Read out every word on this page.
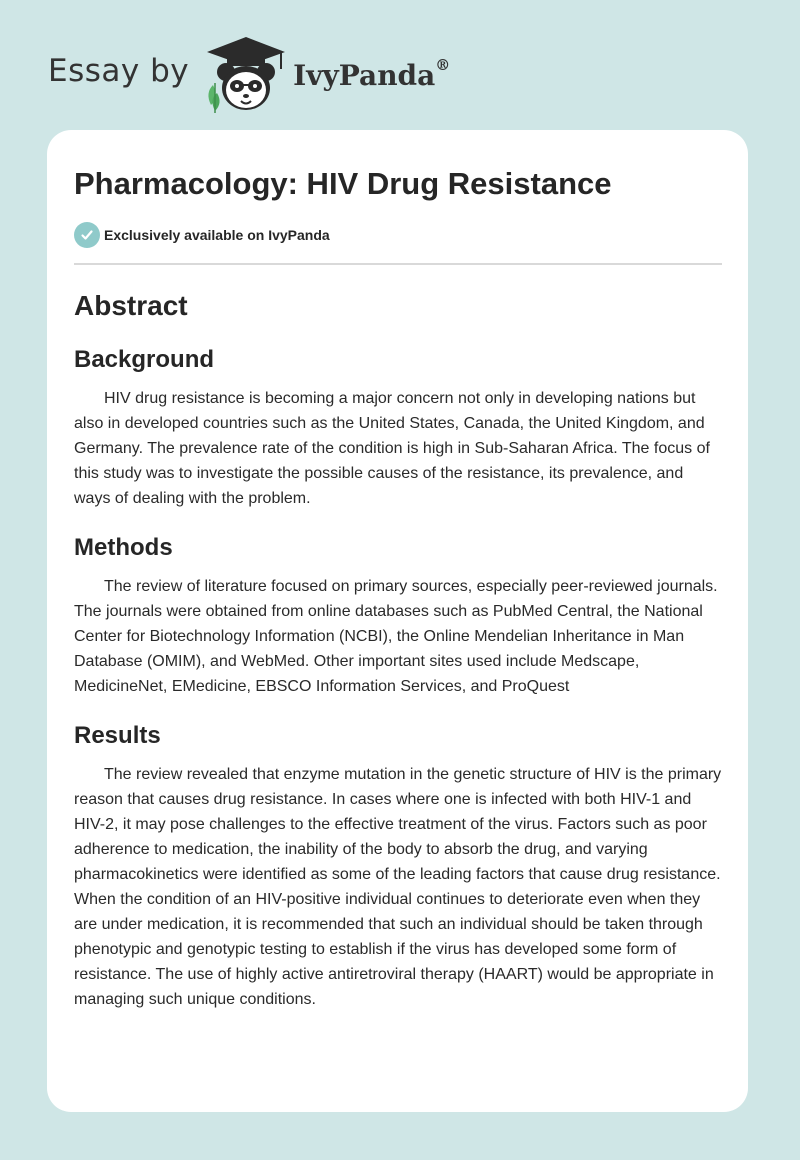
Essay by	IvyPanda®
Pharmacology: HIV Drug Resistance
Exclusively available on IvyPanda
Abstract
Background

HIV drug resistance is becoming a major concern not only in developing nations but also in developed countries such as the United States, Canada, the United Kingdom, and Germany. The prevalence rate of the condition is high in Sub-Saharan Africa. The focus of this study was to investigate the possible causes of the resistance, its prevalence, and ways of dealing with the problem.

Methods

The review of literature focused on primary sources, especially peer-reviewed journals. The journals were obtained from online databases such as PubMed Central, the National Center for Biotechnology Information (NCBI), the Online Mendelian Inheritance in Man Database (OMIM), and WebMed. Other important sites used include Medscape, MedicineNet, EMedicine, EBSCO Information Services, and ProQuest

Results

The review revealed that enzyme mutation in the genetic structure of HIV is the primary reason that causes drug resistance. In cases where one is infected with both HIV-1 and HIV-2, it may pose challenges to the effective treatment of the virus. Factors such as poor adherence to medication, the inability of the body to absorb the drug, and varying pharmacokinetics were identified as some of the leading factors that cause drug resistance. When the condition of an HIV-positive individual continues to deteriorate even when they are under medication, it is recommended that such an individual should be taken through phenotypic and genotypic testing to establish if the virus has developed some form of resistance. The use of highly active antiretroviral therapy (HAART) would be appropriate in managing such unique conditions.
